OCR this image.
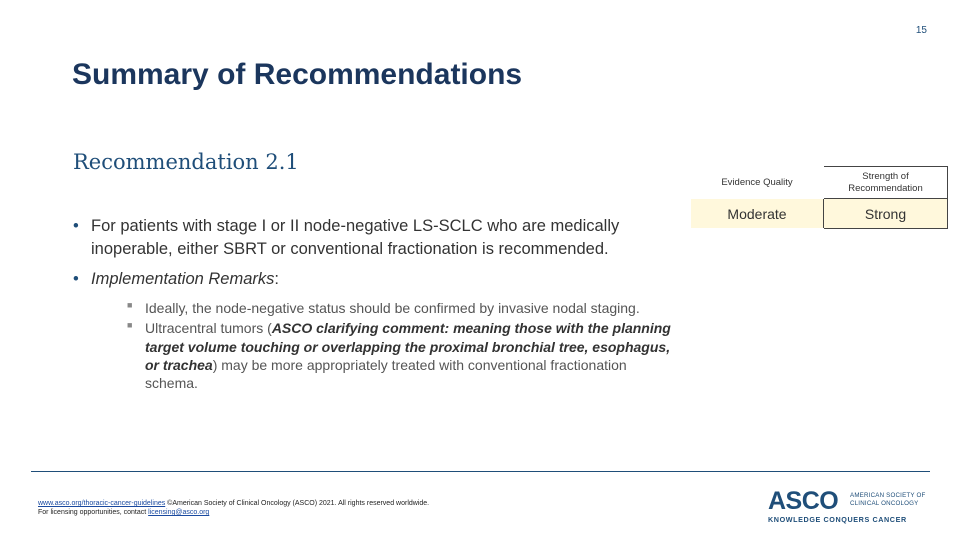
15
Summary of Recommendations
Recommendation 2.1
• For patients with stage I or II node-negative LS-SCLC who are medically inoperable, either SBRT or conventional fractionation is recommended.
• Implementation Remarks:
■ Ideally, the node-negative status should be confirmed by invasive nodal staging.
■ Ultracentral tumors (ASCO clarifying comment: meaning those with the planning target volume touching or overlapping the proximal bronchial tree, esophagus, or trachea) may be more appropriately treated with conventional fractionation schema.
Evidence Quality	Strength of Recommendation
Moderate	Strong
www.asco.org/thoracic-cancer-guidelines ©American Society of Clinical Oncology (ASCO) 2021. All rights reserved worldwide.
For licensing opportunities, contact licensing@asco.org	ASCO AMERICAN SOCIETY OF
CLINICAL ONCOLOGY
KNOWLEDGE CONQUERS CANCER
